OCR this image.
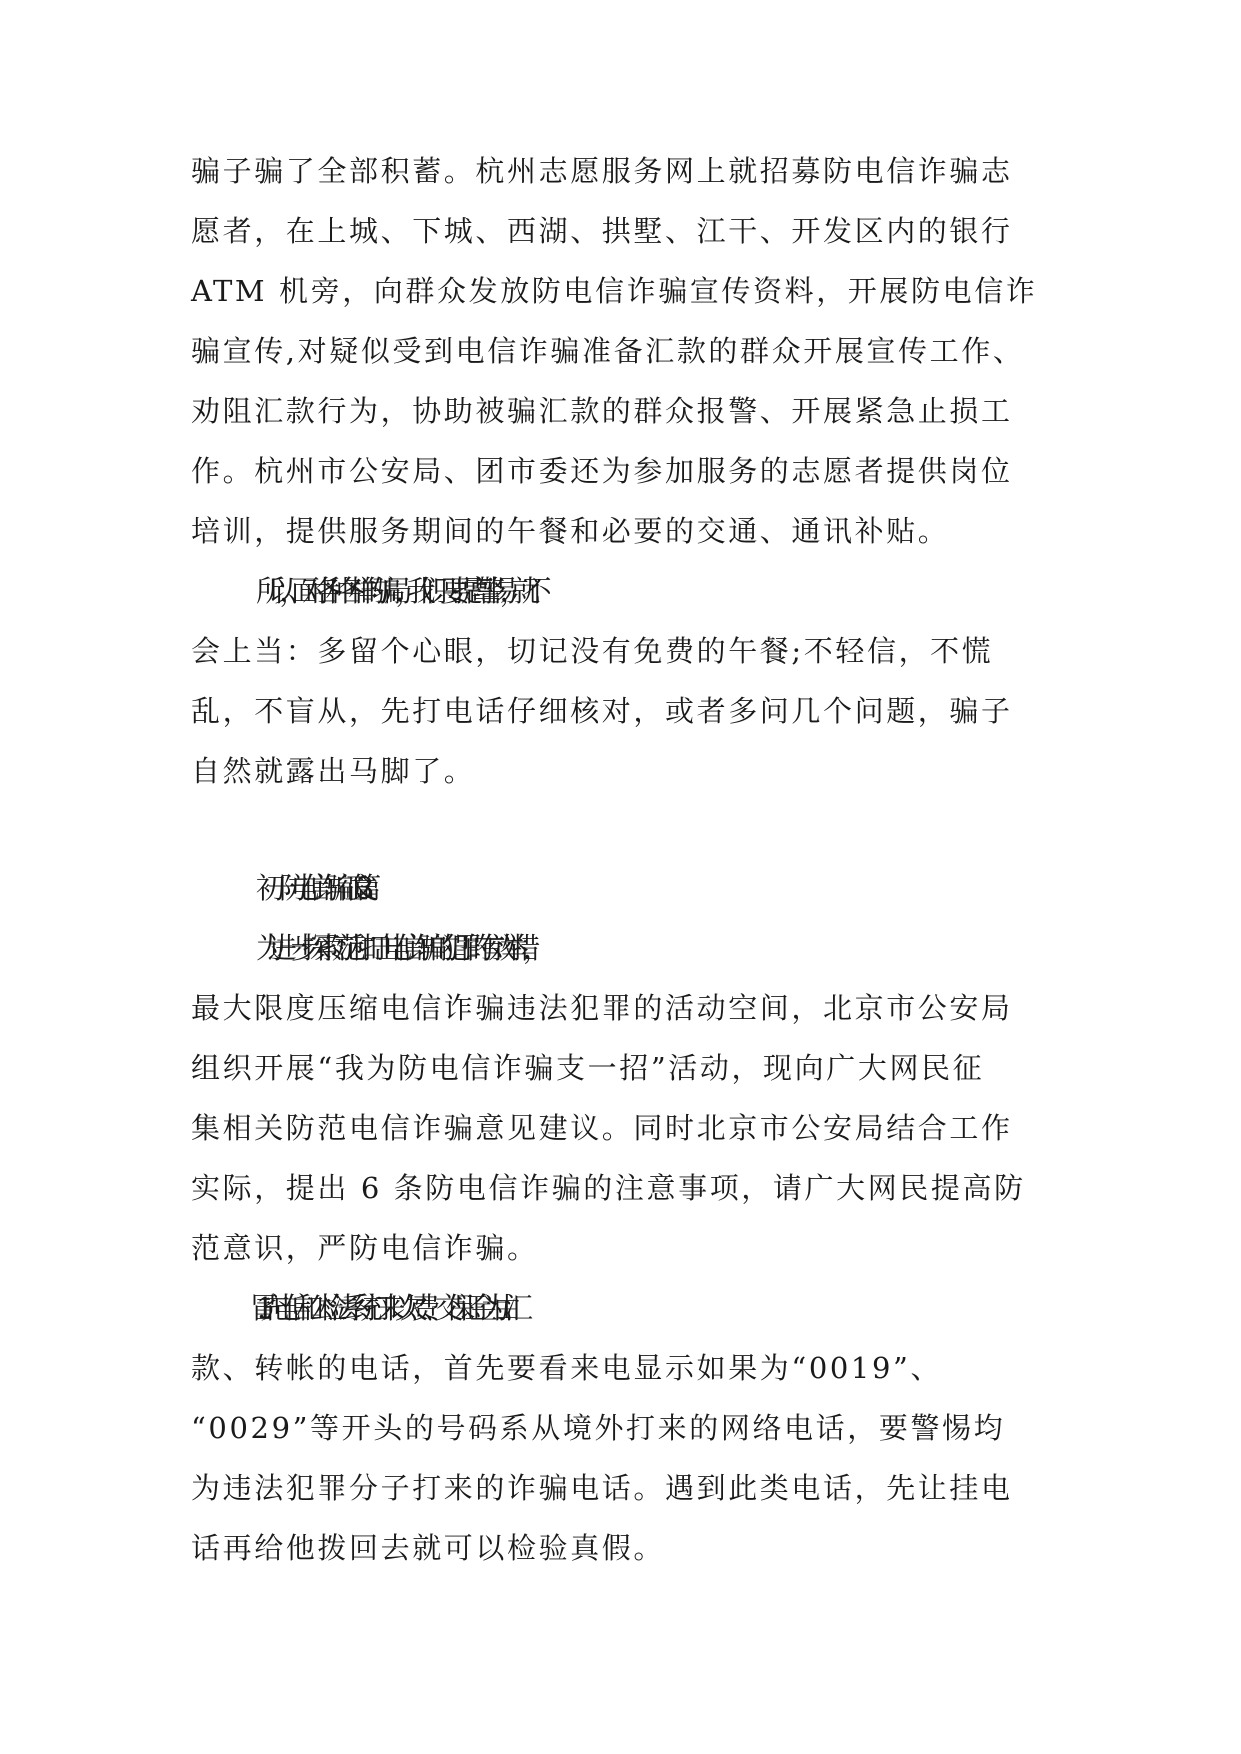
骗子骗了全部积蓄。杭州志愿服务网上就招募防电信诈骗志
愿者，在上城、下城、西湖、拱墅、江干、开发区内的银行
ATM 机旁，向群众发放防电信诈骗宣传资料，开展防电信诈
骗宣传,对疑似受到电信诈骗准备汇款的群众开展宣传工作、
劝阻汇款行为，协助被骗汇款的群众报警、开展紧急止损工
作。杭州市公安局、团市委还为参加服务的志愿者提供岗位
培训，提供服务期间的午餐和必要的交通、通讯补贴。
所以，面对各种各样的骗局，我们只要提高警惕，就不
会上当：多留个心眼，切记没有免费的午餐;不轻信，不慌
乱，不盲从，先打电话仔细核对，或者多问几个问题，骗子
自然就露出马脚了。
初一防电信诈骗征文 篇 3
为进一步探索防范和打击电信诈骗的犯罪的有效举措，
最大限度压缩电信诈骗违法犯罪的活动空间，北京市公安局
组织开展“我为防电信诈骗支一招”活动，现向广大网民征
集相关防范电信诈骗意见建议。同时北京市公安局结合工作
实际，提出 6 条防电信诈骗的注意事项，请广大网民提高防
范意识，严防电信诈骗。
1.冒充电信和公检法系统打来以欠费、交保证金为由汇
款、转帐的电话，首先要看来电显示如果为“0019”、
“0029”等开头的号码系从境外打来的网络电话，要警惕均
为违法犯罪分子打来的诈骗电话。遇到此类电话，先让挂电
话再给他拨回去就可以检验真假。
